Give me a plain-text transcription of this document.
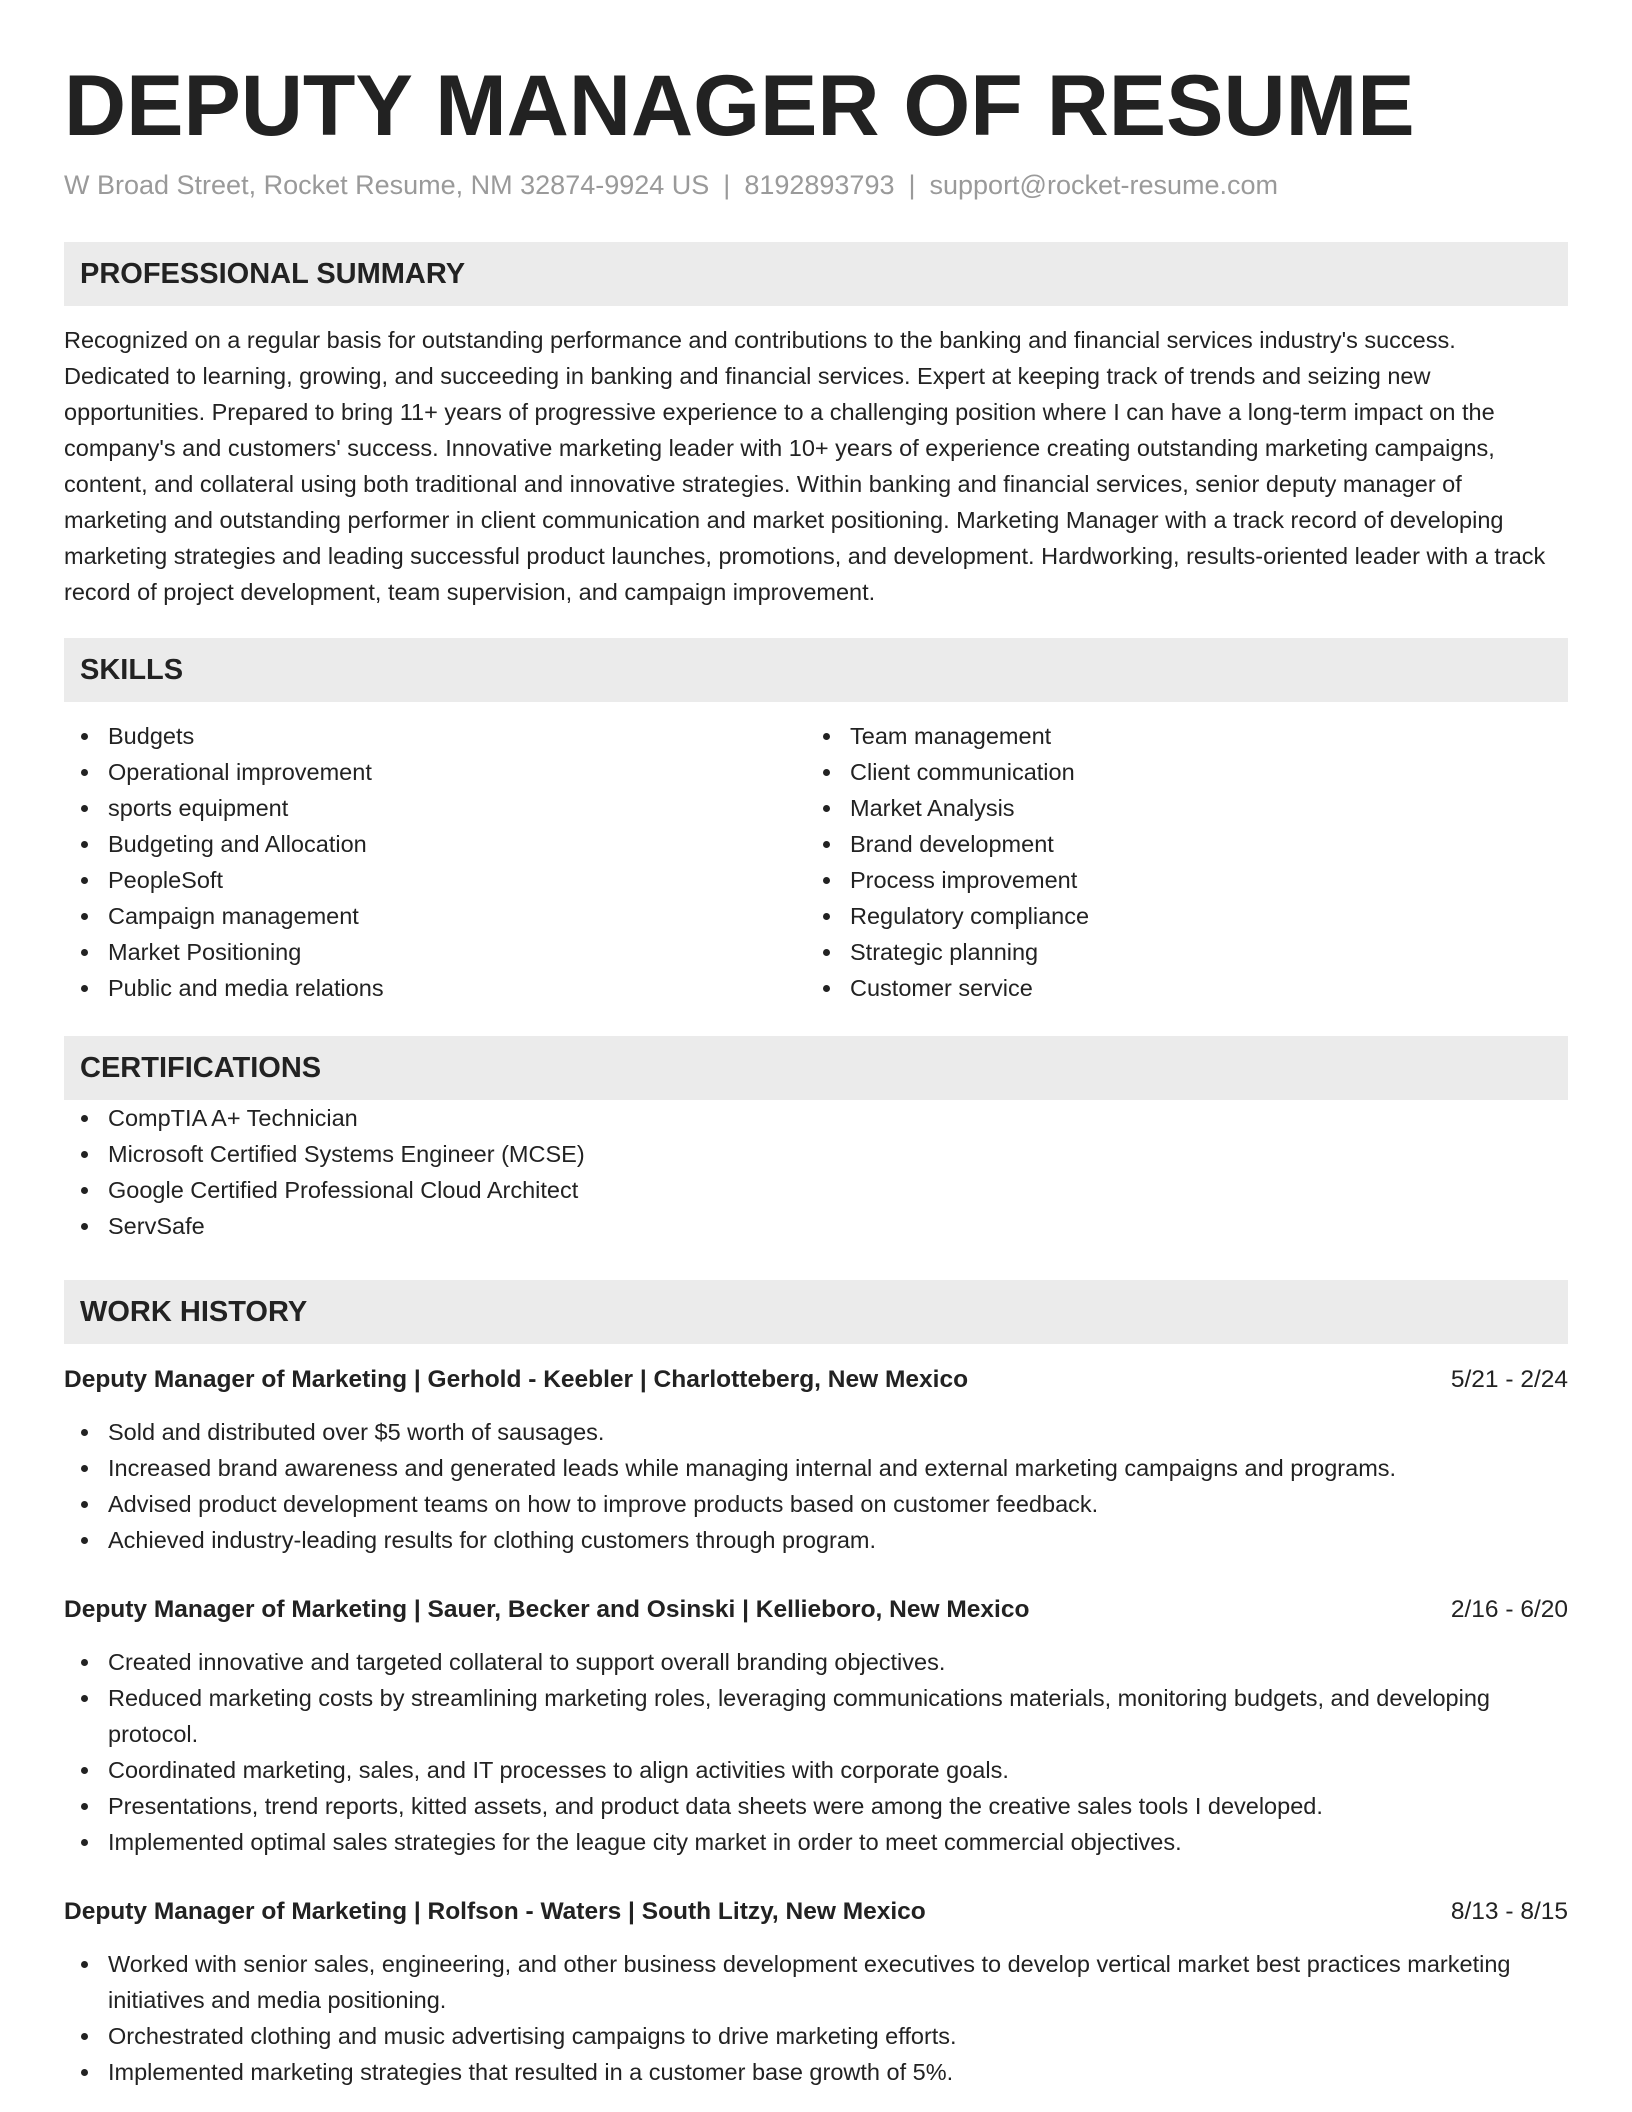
DEPUTY MANAGER OF RESUME
W Broad Street, Rocket Resume, NM 32874-9924 US | 8192893793 | support@rocket-resume.com
PROFESSIONAL SUMMARY
Recognized on a regular basis for outstanding performance and contributions to the banking and financial services industry's success. Dedicated to learning, growing, and succeeding in banking and financial services. Expert at keeping track of trends and seizing new opportunities. Prepared to bring 11+ years of progressive experience to a challenging position where I can have a long-term impact on the company's and customers' success. Innovative marketing leader with 10+ years of experience creating outstanding marketing campaigns, content, and collateral using both traditional and innovative strategies. Within banking and financial services, senior deputy manager of marketing and outstanding performer in client communication and market positioning. Marketing Manager with a track record of developing marketing strategies and leading successful product launches, promotions, and development. Hardworking, results-oriented leader with a track record of project development, team supervision, and campaign improvement.
SKILLS
Budgets
Operational improvement
sports equipment
Budgeting and Allocation
PeopleSoft
Campaign management
Market Positioning
Public and media relations
Team management
Client communication
Market Analysis
Brand development
Process improvement
Regulatory compliance
Strategic planning
Customer service
CERTIFICATIONS
CompTIA A+ Technician
Microsoft Certified Systems Engineer (MCSE)
Google Certified Professional Cloud Architect
ServSafe
WORK HISTORY
Deputy Manager of Marketing | Gerhold - Keebler | Charlotteberg, New Mexico	5/21 - 2/24
Sold and distributed over $5 worth of sausages.
Increased brand awareness and generated leads while managing internal and external marketing campaigns and programs.
Advised product development teams on how to improve products based on customer feedback.
Achieved industry-leading results for clothing customers through program.
Deputy Manager of Marketing | Sauer, Becker and Osinski | Kellieboro, New Mexico	2/16 - 6/20
Created innovative and targeted collateral to support overall branding objectives.
Reduced marketing costs by streamlining marketing roles, leveraging communications materials, monitoring budgets, and developing protocol.
Coordinated marketing, sales, and IT processes to align activities with corporate goals.
Presentations, trend reports, kitted assets, and product data sheets were among the creative sales tools I developed.
Implemented optimal sales strategies for the league city market in order to meet commercial objectives.
Deputy Manager of Marketing | Rolfson - Waters | South Litzy, New Mexico	8/13 - 8/15
Worked with senior sales, engineering, and other business development executives to develop vertical market best practices marketing initiatives and media positioning.
Orchestrated clothing and music advertising campaigns to drive marketing efforts.
Implemented marketing strategies that resulted in a customer base growth of 5%.
